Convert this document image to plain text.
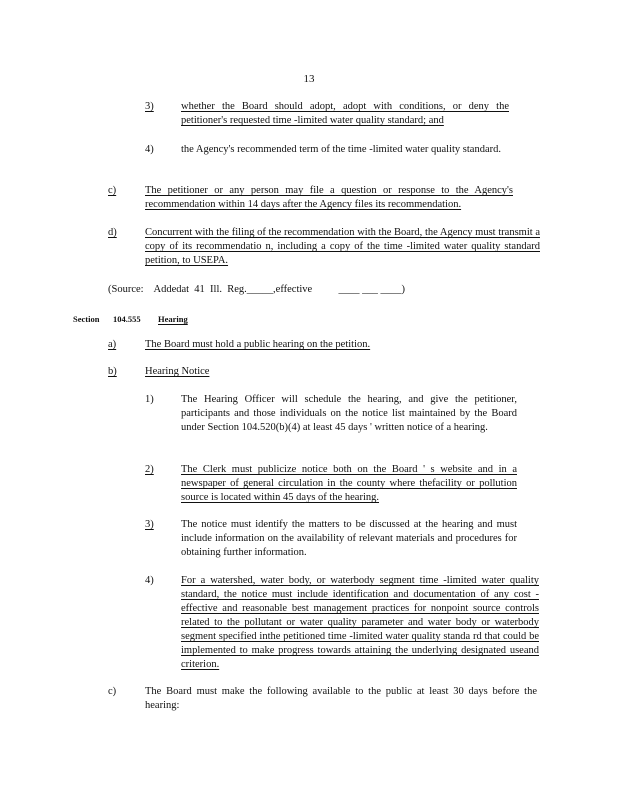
13
3)	whether the Board should adopt, adopt with conditions, or deny the petitioner's requested time -limited water quality standard; and
4)	the Agency's recommended term of the time -limited water quality standard.
c)	The petitioner or any person may file a question or response to the Agency's recommendation within 14 days after the Agency files its recommendation.
d)	Concurrent with the filing of the recommendation with the Board, the Agency must transmit a copy of its recommendatio n, including a copy of the time -limited water quality standard petition, to USEPA.
(Source:    Addedat  41  Ill.  Reg._____,effective          ____ ___ ____)
Section 104.555 Hearing
a)	The Board must hold a public hearing on the petition.
b)	Hearing Notice
1)	The Hearing Officer will schedule the hearing, and give the petitioner, participants and those individuals on the notice list maintained by the Board under Section 104.520(b)(4) at least 45 days ' written notice of a hearing.
2)	The Clerk must publicize notice both on the Board ' s website and in a newspaper of general circulation in the county where thefacility or pollution source is located within 45 days of the hearing.
3)	The notice must identify the matters to be discussed at the hearing and must include information on the availability of relevant materials and procedures for obtaining further information.
4)	For a watershed, water body, or waterbody segment time -limited water quality standard, the notice must include identification and documentation of any cost - effective and reasonable best management practices for nonpoint source controls related to the pollutant or water quality parameter and water body or waterbody segment specified inthe petitioned time -limited water quality standa rd that could be implemented to make progress towards attaining the underlying designated useand criterion.
c)	The Board must make the following available to the public at least 30 days before the hearing:
